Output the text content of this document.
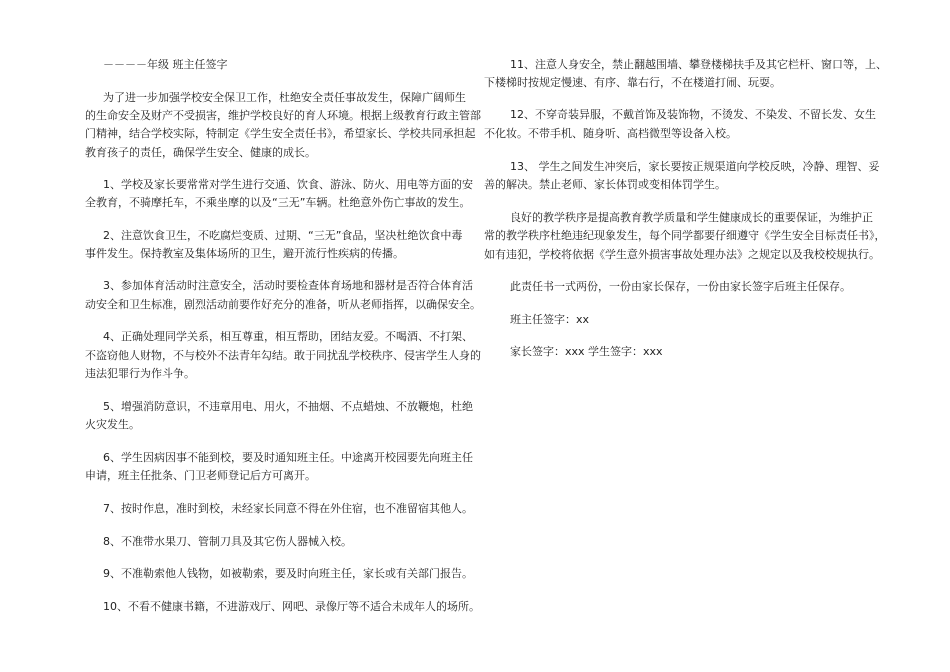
－－－－年级 班主任签字
为了进一步加强学校安全保卫工作，杜绝安全责任事故发生，保障广阔师生
的生命安全及财产不受损害，维护学校良好的育人环境。根据上级教育行政主管部
门精神，结合学校实际，特制定《学生安全责任书》，希望家长、学校共同承担起
教育孩子的责任，确保学生安全、健康的成长。
1、学校及家长要常常对学生进行交通、饮食、游泳、防火、用电等方面的安
全教育，不骑摩托车，不乘坐摩的以及“三无”车辆。杜绝意外伤亡事故的发生。
2、注意饮食卫生，不吃腐烂变质、过期、“三无”食品，坚决杜绝饮食中毒
事件发生。保持教室及集体场所的卫生，避开流行性疾病的传播。
3、参加体育活动时注意安全，活动时要检查体育场地和器材是否符合体育活
动安全和卫生标准，剧烈活动前要作好充分的准备，听从老师指挥，以确保安全。
4、正确处理同学关系，相互尊重，相互帮助，团结友爱。不喝酒、不打架、
不盗窃他人财物，不与校外不法青年勾结。敢于同扰乱学校秩序、侵害学生人身的
违法犯罪行为作斗争。
5、增强消防意识，不违章用电、用火，不抽烟、不点蜡烛、不放鞭炮，杜绝
火灾发生。
6、学生因病因事不能到校，要及时通知班主任。中途离开校园要先向班主任
申请，班主任批条、门卫老师登记后方可离开。
7、按时作息，准时到校，未经家长同意不得在外住宿，也不准留宿其他人。
8、不准带水果刀、管制刀具及其它伤人器械入校。
9、不准勒索他人钱物，如被勒索，要及时向班主任，家长或有关部门报告。
10、不看不健康书籍，不进游戏厅、网吧、录像厅等不适合未成年人的场所。
11、注意人身安全，禁止翻越围墙、攀登楼梯扶手及其它栏杆、窗口等，上、
下楼梯时按规定慢速、有序、靠右行，不在楼道打闹、玩耍。
12、不穿奇装异服，不戴首饰及装饰物，不烫发、不染发、不留长发、女生
不化妆。不带手机、随身听、高档微型等设备入校。
13、 学生之间发生冲突后，家长要按正规渠道向学校反映，冷静、理智、妥
善的解决。禁止老师、家长体罚或变相体罚学生。
良好的教学秩序是提高教育教学质量和学生健康成长的重要保证，为维护正
常的教学秩序杜绝违纪现象发生，每个同学都要仔细遵守《学生安全目标责任书》，
如有违犯，学校将依据《学生意外损害事故处理办法》之规定以及我校校规执行。
此责任书一式两份，一份由家长保存，一份由家长签字后班主任保存。
班主任签字：xx
家长签字：xxx 学生签字：xxx
